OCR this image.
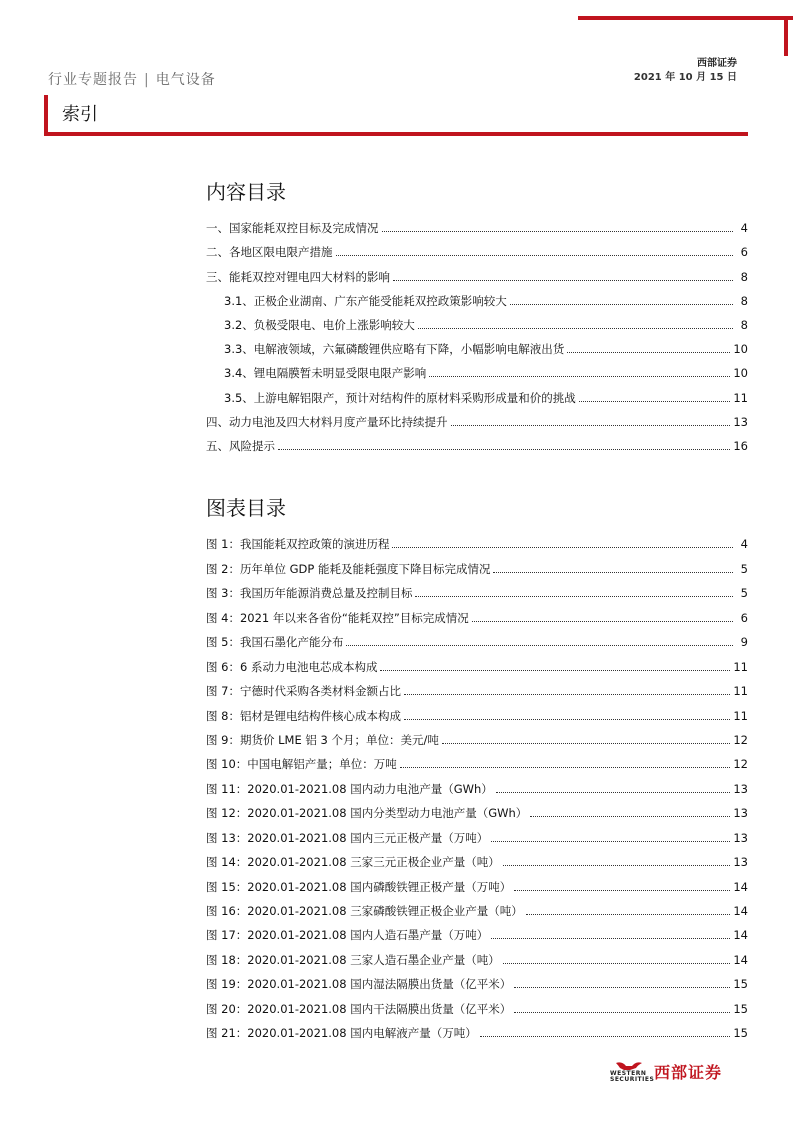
西部证券
2021 年 10 月 15 日
行业专题报告 | 电气设备
索引
内容目录
一、国家能耗双控目标及完成情况	4
二、各地区限电限产措施	6
三、能耗双控对锂电四大材料的影响	8
3.1、正极企业湖南、广东产能受能耗双控政策影响较大	8
3.2、负极受限电、电价上涨影响较大	8
3.3、电解液领域，六氟磷酸锂供应略有下降，小幅影响电解液出货	10
3.4、锂电隔膜暂未明显受限电限产影响	10
3.5、上游电解铝限产，预计对结构件的原材料采购形成量和价的挑战	11
四、动力电池及四大材料月度产量环比持续提升	13
五、风险提示	16
图表目录
图 1：我国能耗双控政策的演进历程	4
图 2：历年单位 GDP 能耗及能耗强度下降目标完成情况	5
图 3：我国历年能源消费总量及控制目标	5
图 4：2021 年以来各省份“能耗双控”目标完成情况	6
图 5：我国石墨化产能分布	9
图 6：6 系动力电池电芯成本构成	11
图 7：宁德时代采购各类材料金额占比	11
图 8：铝材是锂电结构件核心成本构成	11
图 9：期货价 LME 铝 3 个月；单位：美元/吨	12
图 10：中国电解铝产量；单位：万吨	12
图 11：2020.01-2021.08 国内动力电池产量（GWh）	13
图 12：2020.01-2021.08 国内分类型动力电池产量（GWh）	13
图 13：2020.01-2021.08 国内三元正极产量（万吨）	13
图 14：2020.01-2021.08 三家三元正极企业产量（吨）	13
图 15：2020.01-2021.08 国内磷酸铁锂正极产量（万吨）	14
图 16：2020.01-2021.08 三家磷酸铁锂正极企业产量（吨）	14
图 17：2020.01-2021.08 国内人造石墨产量（万吨）	14
图 18：2020.01-2021.08 三家人造石墨企业产量（吨）	14
图 19：2020.01-2021.08 国内湿法隔膜出货量（亿平米）	15
图 20：2020.01-2021.08 国内干法隔膜出货量（亿平米）	15
图 21：2020.01-2021.08 国内电解液产量（万吨）	15
WESTERN SECURITIES 西部证券
